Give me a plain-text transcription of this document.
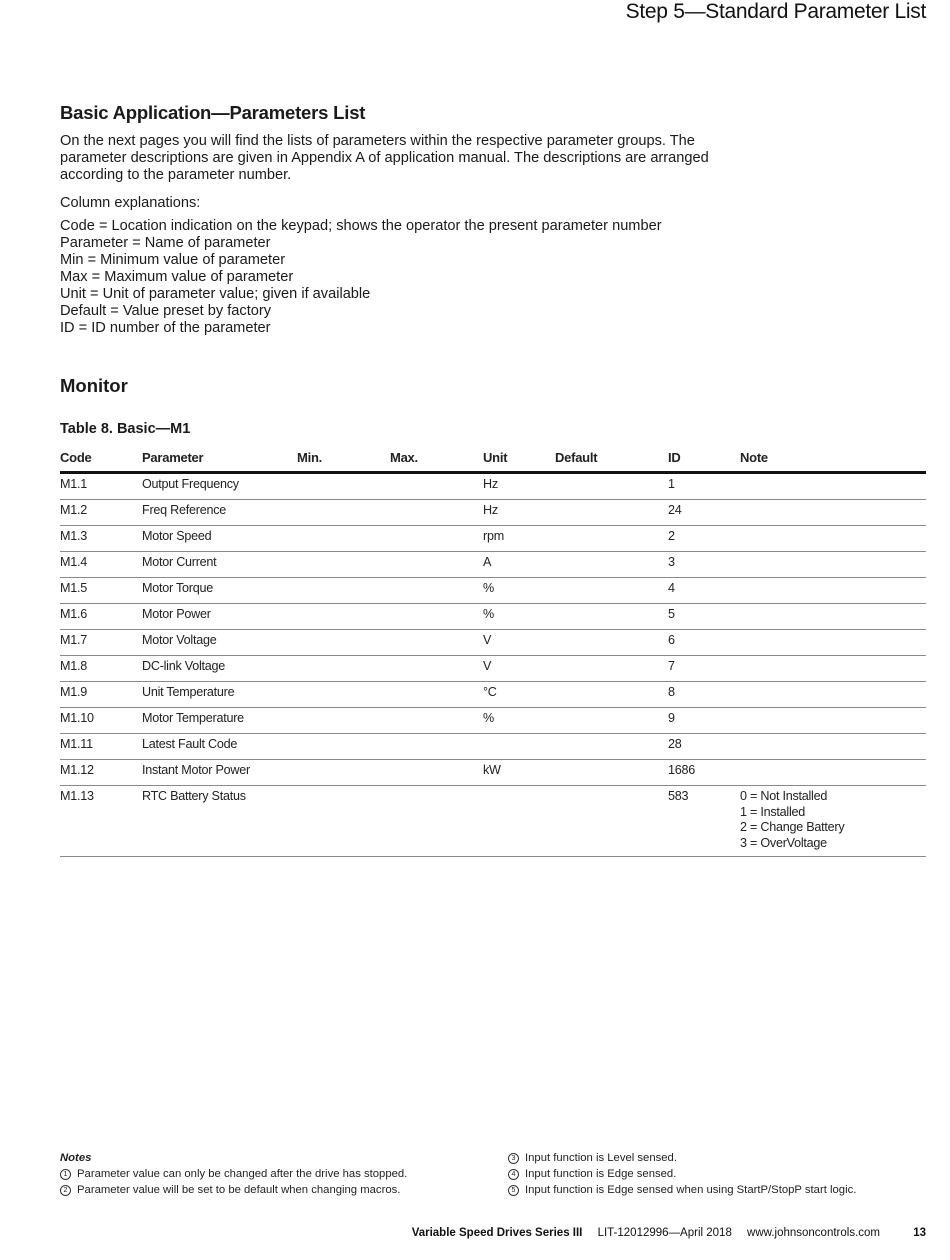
Step 5—Standard Parameter List
Basic Application—Parameters List

On the next pages you will find the lists of parameters within the respective parameter groups. The parameter descriptions are given in Appendix A of application manual. The descriptions are arranged according to the parameter number.

Column explanations:

Code = Location indication on the keypad; shows the operator the present parameter number
Parameter = Name of parameter
Min = Minimum value of parameter
Max = Maximum value of parameter
Unit = Unit of parameter value; given if available
Default = Value preset by factory
ID = ID number of the parameter
Monitor
Table 8. Basic—M1
Code	Parameter	Min.	Max.	Unit	Default	ID	Note
M1.1	Output Frequency			Hz		1	
M1.2	Freq Reference			Hz		24	
M1.3	Motor Speed			rpm		2	
M1.4	Motor Current			A		3	
M1.5	Motor Torque			%		4	
M1.6	Motor Power			%		5	
M1.7	Motor Voltage			V		6	
M1.8	DC-link Voltage			V		7	
M1.9	Unit Temperature			°C		8	
M1.10	Motor Temperature			%		9	
M1.11	Latest Fault Code					28	
M1.12	Instant Motor Power			kW		1686	
M1.13	RTC Battery Status					583	0 = Not Installed
1 = Installed
2 = Change Battery
3 = OverVoltage
Notes
1 Parameter value can only be changed after the drive has stopped.
2 Parameter value will be set to be default when changing macros.
3 Input function is Level sensed.
4 Input function is Edge sensed.
5 Input function is Edge sensed when using StartP/StopP start logic.
Variable Speed Drives Series III LIT-12012996—April 2018 www.johnsoncontrols.com	13
